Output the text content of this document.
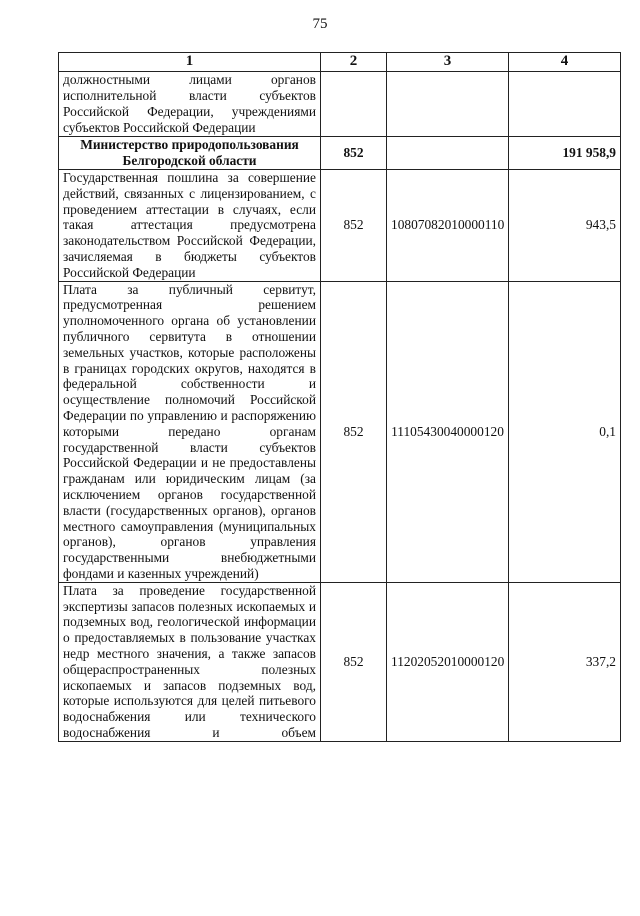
75
1	2	3	4
должностными лицами органов исполнительной власти субъектов Российской Федерации, учреждениями субъектов Российской Федерации			
Министерство природопользования Белгородской области	852		191 958,9
Государственная пошлина за совершение действий, связанных с лицензированием, с проведением аттестации в случаях, если такая аттестация предусмотрена законодательством Российской Федерации, зачисляемая в бюджеты субъектов Российской Федерации	852	10807082010000110	943,5
Плата за публичный сервитут, предусмотренная решением уполномоченного органа об установлении публичного сервитута в отношении земельных участков, которые расположены в границах городских округов, находятся в федеральной собственности и осуществление полномочий Российской Федерации по управлению и распоряжению которыми передано органам государственной власти субъектов Российской Федерации и не предоставлены гражданам или юридическим лицам (за исключением органов государственной власти (государственных органов), органов местного самоуправления (муниципальных органов), органов управления государственными внебюджетными фондами и казенных учреждений)	852	11105430040000120	0,1
Плата за проведение государственной экспертизы запасов полезных ископаемых и подземных вод, геологической информации о предоставляемых в пользование участках недр местного значения, а также запасов общераспространенных полезных ископаемых и запасов подземных вод, которые используются для целей питьевого водоснабжения или технического водоснабжения и объем	852	11202052010000120	337,2
